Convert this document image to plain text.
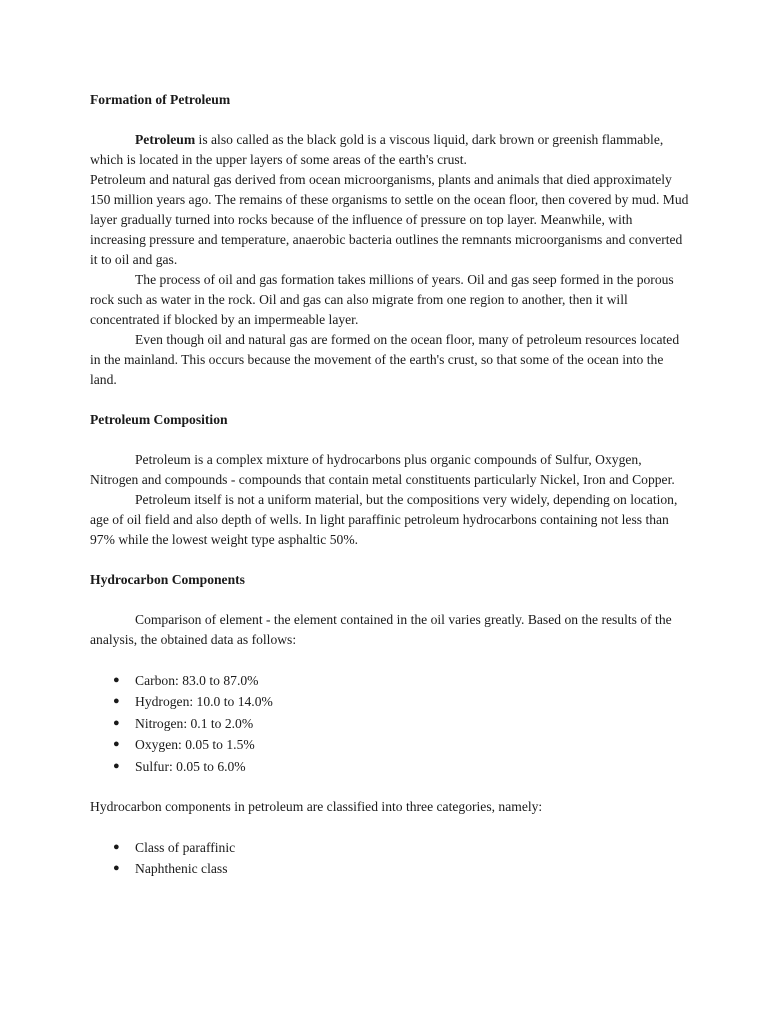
Formation of Petroleum

Petroleum is also called as the black gold is a viscous liquid, dark brown or greenish flammable, which is located in the upper layers of some areas of the earth's crust.

Petroleum and natural gas derived from ocean microorganisms, plants and animals that died approximately 150 million years ago. The remains of these organisms to settle on the ocean floor, then covered by mud. Mud layer gradually turned into rocks because of the influence of pressure on top layer. Meanwhile, with increasing pressure and temperature, anaerobic bacteria outlines the remnants microorganisms and converted it to oil and gas.

The process of oil and gas formation takes millions of years. Oil and gas seep formed in the porous rock such as water in the rock. Oil and gas can also migrate from one region to another, then it will concentrated if blocked by an impermeable layer.

Even though oil and natural gas are formed on the ocean floor, many of petroleum resources located in the mainland. This occurs because the movement of the earth's crust, so that some of the ocean into the land.

Petroleum Composition

Petroleum is a complex mixture of hydrocarbons plus organic compounds of Sulfur, Oxygen, Nitrogen and compounds - compounds that contain metal constituents particularly Nickel, Iron and Copper.

Petroleum itself is not a uniform material, but the compositions very widely, depending on location, age of oil field and also depth of wells. In light paraffinic petroleum hydrocarbons containing not less than 97% while the lowest weight type asphaltic 50%.

Hydrocarbon Components

Comparison of element - the element contained in the oil varies greatly. Based on the results of the analysis, the obtained data as follows:

● Carbon: 83.0 to 87.0%
● Hydrogen: 10.0 to 14.0%
● Nitrogen: 0.1 to 2.0%
● Oxygen: 0.05 to 1.5%
● Sulfur: 0.05 to 6.0%

Hydrocarbon components in petroleum are classified into three categories, namely:

● Class of paraffinic
● Naphthenic class
